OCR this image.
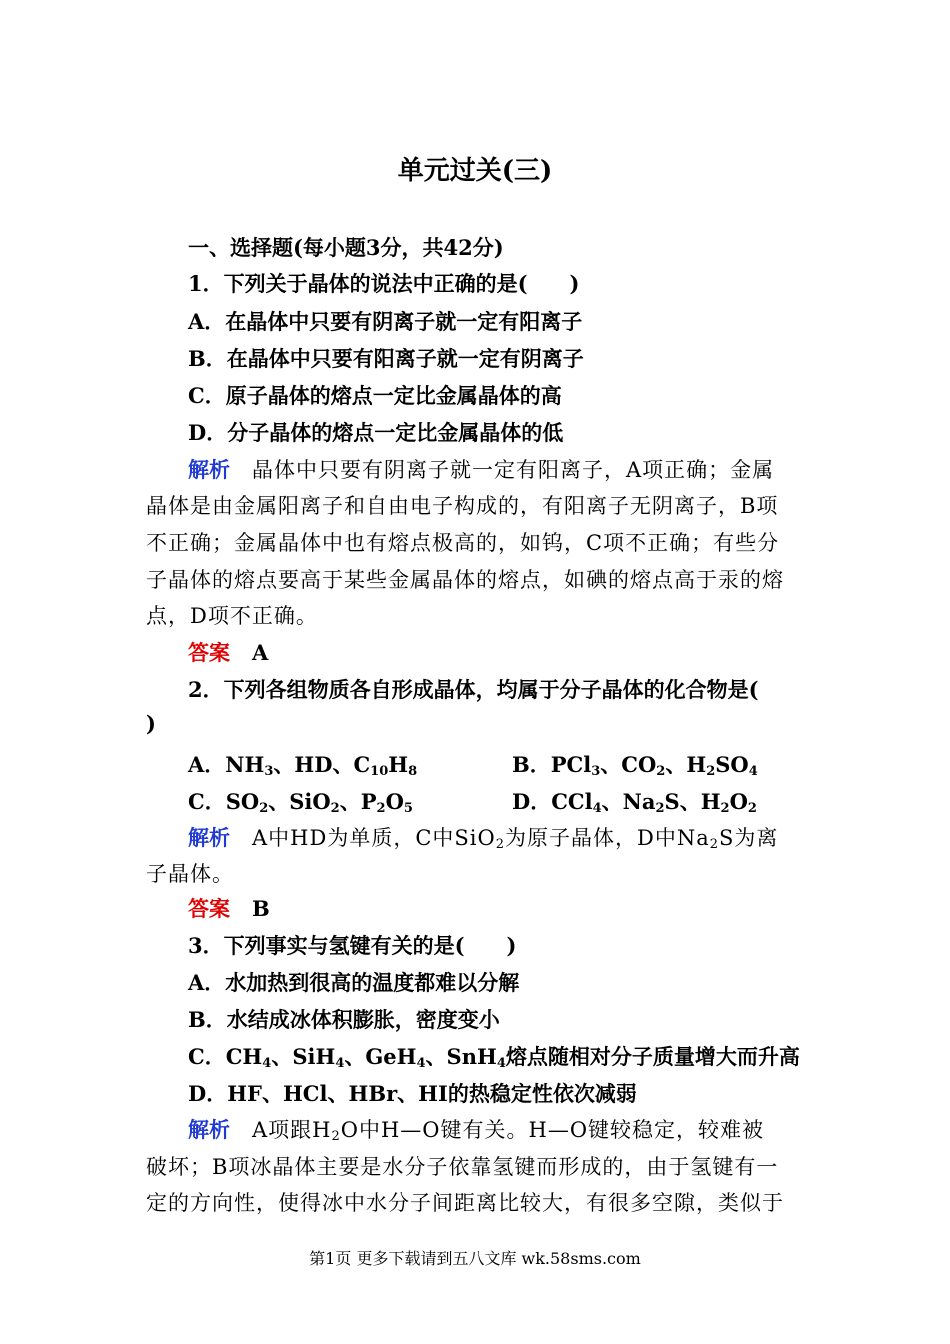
单元过关(三)
一、选择题(每小题3分，共42分)
1．下列关于晶体的说法中正确的是(　　)
A．在晶体中只要有阴离子就一定有阳离子
B．在晶体中只要有阳离子就一定有阴离子
C．原子晶体的熔点一定比金属晶体的高
D．分子晶体的熔点一定比金属晶体的低
解析 晶体中只要有阴离子就一定有阳离子，A项正确；金属
晶体是由金属阳离子和自由电子构成的，有阳离子无阴离子，B项
不正确；金属晶体中也有熔点极高的，如钨，C项不正确；有些分
子晶体的熔点要高于某些金属晶体的熔点，如碘的熔点高于汞的熔
点，D项不正确。
答案 A
2．下列各组物质各自形成晶体，均属于分子晶体的化合物是(
)
A．$NH_3$、HD、$C_{10}H_8$	B．PCl$_3$、$CO_2$、$H_2SO_4$
C．$SO_2$、SiO$_2$、$P_2O_5$	D．CCl$_4$、$Na_2S$、$H_2O_2$
解析 A中HD为单质，C中SiO$_2$为原子晶体，D中$Na_2S$为离
子晶体。
答案 B
3．下列事实与氢键有关的是(　　)
A．水加热到很高的温度都难以分解
B．水结成冰体积膨胀，密度变小
C．$CH_4$、SiH$_4$、GeH$_4$、SnH$_4$熔点随相对分子质量增大而升高
D．HF、HCl、HBr、HI的热稳定性依次减弱
解析 A项跟$H_2O$中H—O键有关。H—O键较稳定，较难被
破坏；B项冰晶体主要是水分子依靠氢键而形成的，由于氢键有一
定的方向性，使得冰中水分子间距离比较大，有很多空隙，类似于
第1页 更多下载请到五八文库 wk.58sms.com
